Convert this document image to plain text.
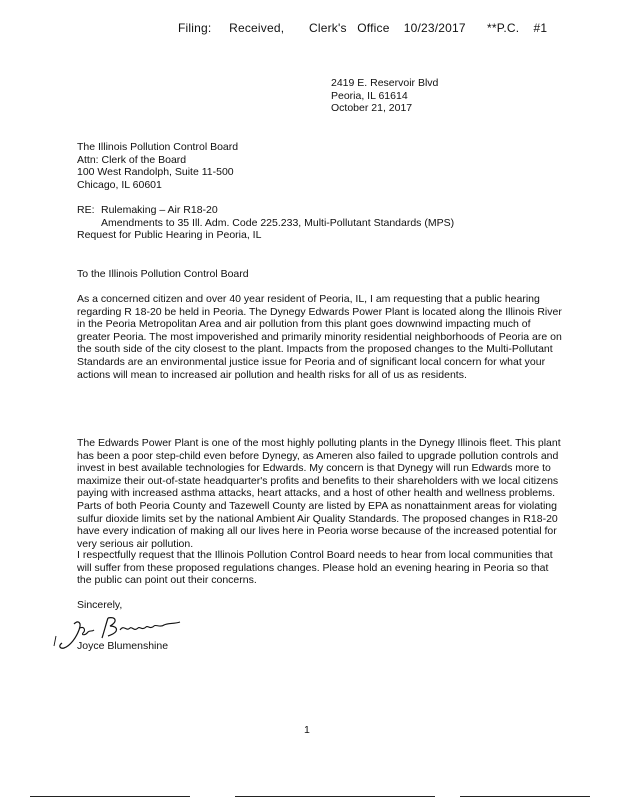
Filing:     Received,       Clerk's   Office    10/23/2017      **P.C.    #1
2419 E. Reservoir Blvd
Peoria, IL 61614
October 21, 2017
The Illinois Pollution Control Board
Attn: Clerk of the Board
100 West Randolph, Suite 11-500
Chicago, IL 60601
RE: Rulemaking – Air R18-20
Amendments to 35 Ill. Adm. Code 225.233, Multi-Pollutant Standards (MPS)
Request for Public Hearing in Peoria, IL
To the Illinois Pollution Control Board
As a concerned citizen and over 40 year resident of Peoria, IL, I am requesting that a public hearing regarding R 18-20 be held in Peoria. The Dynegy Edwards Power Plant is located along the Illinois River in the Peoria Metropolitan Area and air pollution from this plant goes downwind impacting much of greater Peoria. The most impoverished and primarily minority residential neighborhoods of Peoria are on the south side of the city closest to the plant. Impacts from the proposed changes to the Multi-Pollutant Standards are an environmental justice issue for Peoria and of significant local concern for what your actions will mean to increased air pollution and health risks for all of us as residents.
The Edwards Power Plant is one of the most highly polluting plants in the Dynegy Illinois fleet. This plant has been a poor step-child even before Dynegy, as Ameren also failed to upgrade pollution controls and invest in best available technologies for Edwards. My concern is that Dynegy will run Edwards more to maximize their out-of-state headquarter's profits and benefits to their shareholders with we local citizens paying with increased asthma attacks, heart attacks, and a host of other health and wellness problems. Parts of both Peoria County and Tazewell County are listed by EPA as nonattainment areas for violating sulfur dioxide limits set by the national Ambient Air Quality Standards. The proposed changes in R18-20 have every indication of making all our lives here in Peoria worse because of the increased potential for very serious air pollution.
I respectfully request that the Illinois Pollution Control Board needs to hear from local communities that will suffer from these proposed regulations changes. Please hold an evening hearing in Peoria so that the public can point out their concerns.
Sincerely,
Joyce Blumenshine
1
